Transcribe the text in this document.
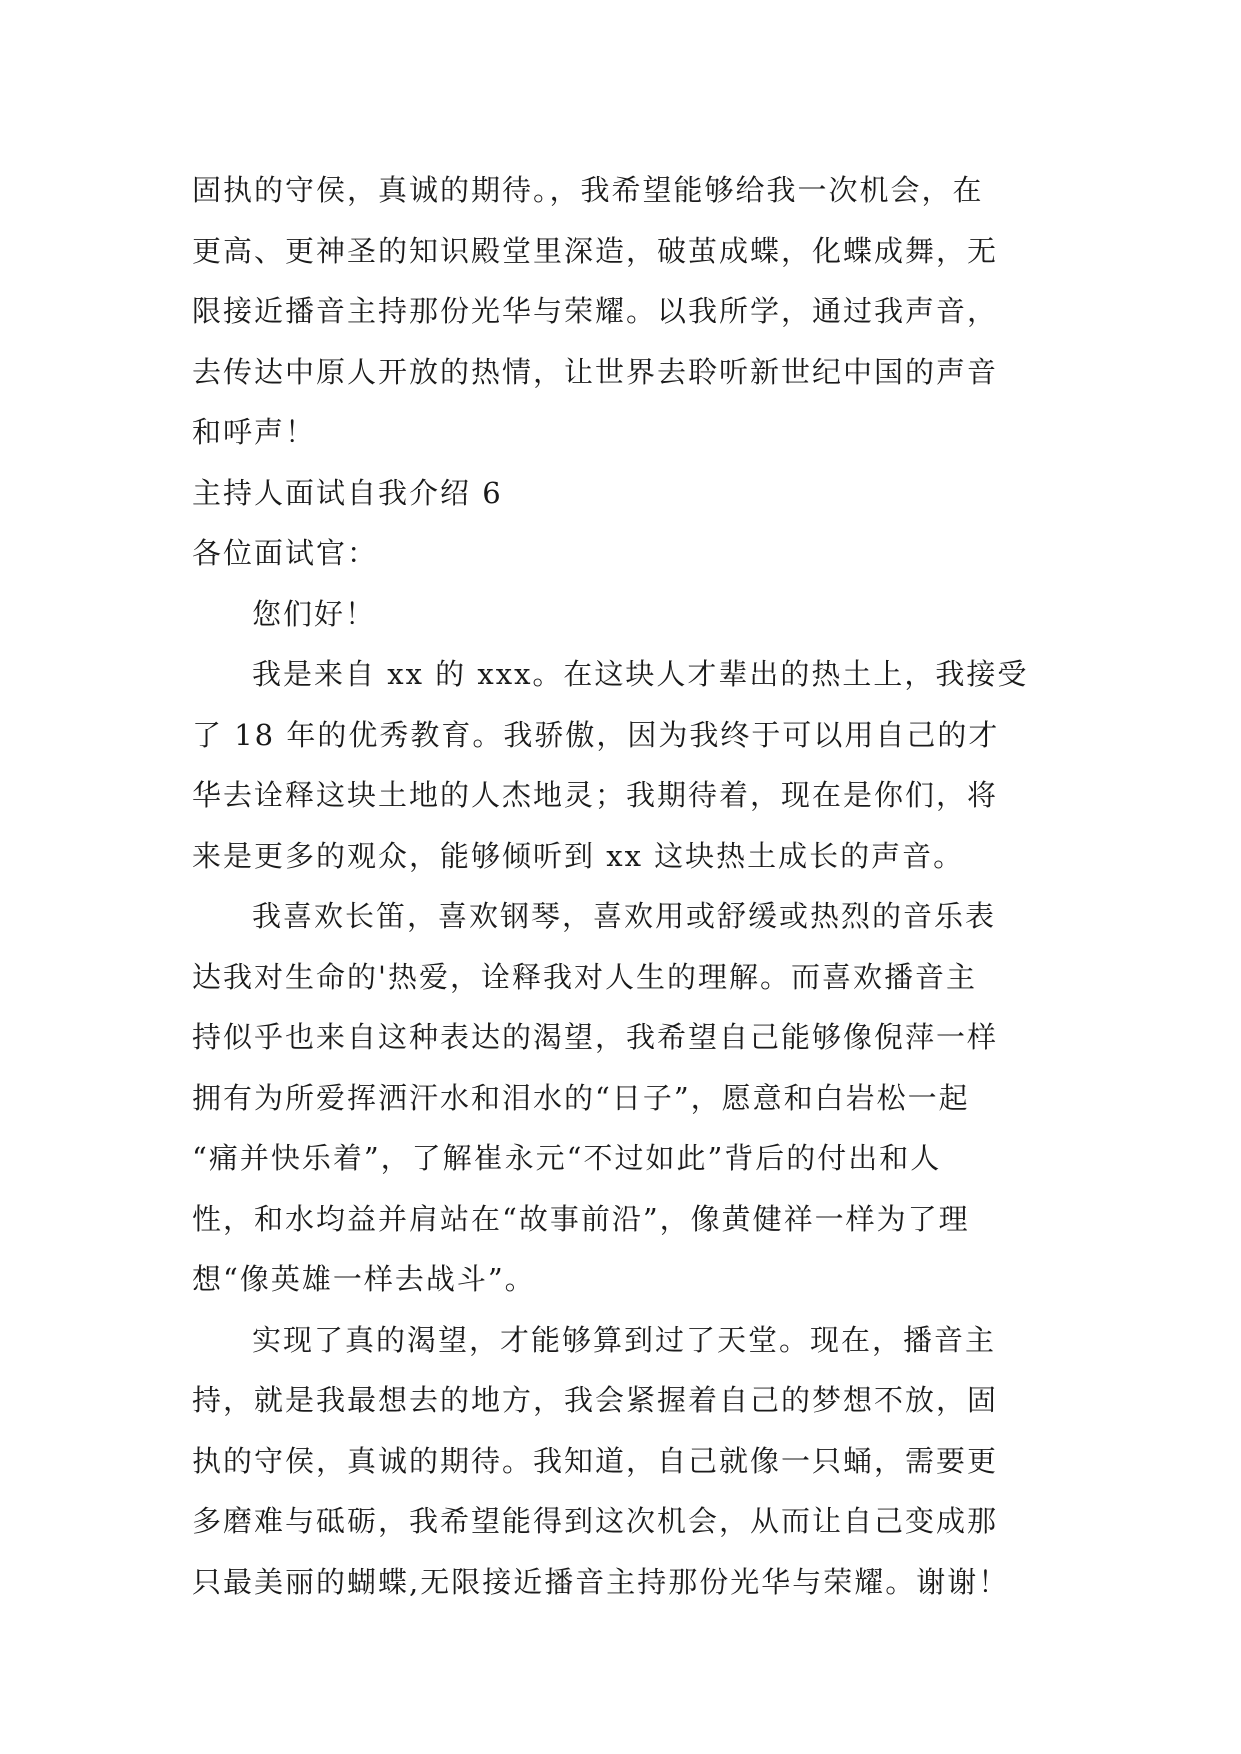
固执的守侯，真诚的期待。，我希望能够给我一次机会，在
更高、更神圣的知识殿堂里深造，破茧成蝶，化蝶成舞，无
限接近播音主持那份光华与荣耀。以我所学，通过我声音，
去传达中原人开放的热情，让世界去聆听新世纪中国的声音
和呼声！
主持人面试自我介绍 6
各位面试官：
您们好！
我是来自 xx 的 xxx。在这块人才辈出的热土上，我接受
了 18 年的优秀教育。我骄傲，因为我终于可以用自己的才
华去诠释这块土地的人杰地灵；我期待着，现在是你们，将
来是更多的观众，能够倾听到 xx 这块热土成长的声音。
我喜欢长笛，喜欢钢琴，喜欢用或舒缓或热烈的音乐表
达我对生命的'热爱，诠释我对人生的理解。而喜欢播音主
持似乎也来自这种表达的渴望，我希望自己能够像倪萍一样
拥有为所爱挥洒汗水和泪水的“日子”，愿意和白岩松一起
“痛并快乐着”，了解崔永元“不过如此”背后的付出和人
性，和水均益并肩站在“故事前沿”，像黄健祥一样为了理
想“像英雄一样去战斗”。
实现了真的渴望，才能够算到过了天堂。现在，播音主
持，就是我最想去的地方，我会紧握着自己的梦想不放，固
执的守侯，真诚的期待。我知道，自己就像一只蛹，需要更
多磨难与砥砺，我希望能得到这次机会，从而让自己变成那
只最美丽的蝴蝶,无限接近播音主持那份光华与荣耀。谢谢！
